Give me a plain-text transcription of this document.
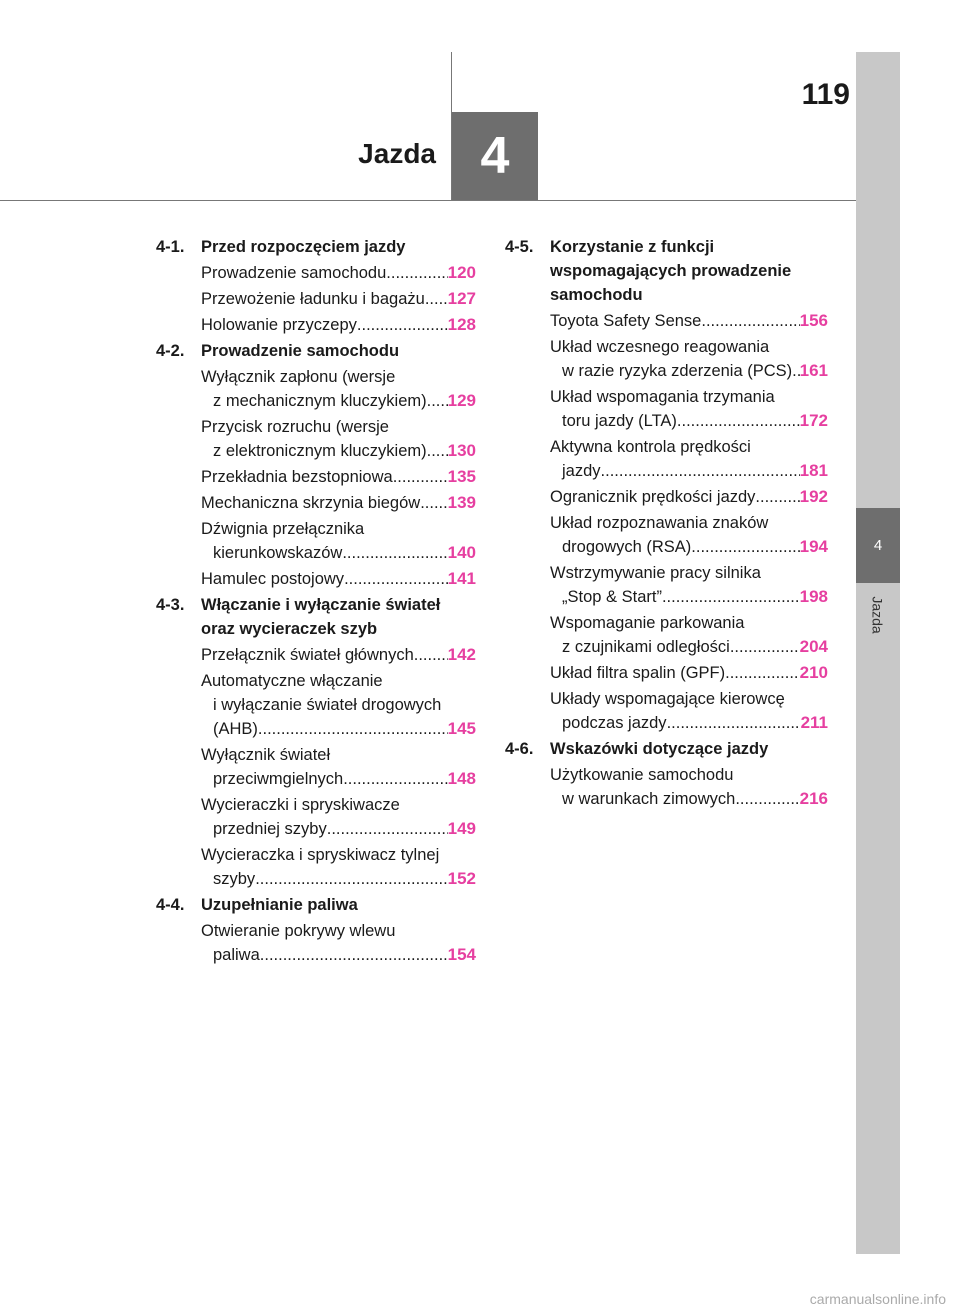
119
Jazda 4
4
Jazda
4-1.	Przed rozpoczęciem jazdy
Prowadzenie samochodu .....	120
Przewożenie ładunku i bagażu ..... 127
Holowanie przyczepy .....	128
4-2.	Prowadzenie samochodu
Wyłącznik zapłonu (wersje
z mechanicznym kluczykiem) ..... 129
Przycisk rozruchu (wersje
z elektronicznym kluczykiem) ..... 130
Przekładnia bezstopniowa .....	135
Mechaniczna skrzynia biegów ..... 139
Dźwignia przełącznika
kierunkowskazów .....	140
Hamulec postojowy .....	141
4-3.	Włączanie i wyłączanie świateł oraz wycieraczek szyb
Przełącznik świateł głównych ..... 142
Automatyczne włączanie
i wyłączanie świateł drogowych
(AHB) .....	145
Wyłącznik świateł
przeciwmgielnych .....	148
Wycieraczki i spryskiwacze
przedniej szyby .....	149
Wycieraczka i spryskiwacz tylnej
szyby .....	152
4-4.	Uzupełnianie paliwa
Otwieranie pokrywy wlewu
paliwa .....	154
4-5.	Korzystanie z funkcji wspomagających prowadzenie samochodu
Toyota Safety Sense .....	156
Układ wczesnego reagowania
w razie ryzyka zderzenia (PCS) ..... 161
Układ wspomagania trzymania
toru jazdy (LTA) .....	172
Aktywna kontrola prędkości
jazdy .....	181
Ogranicznik prędkości jazdy .....	192
Układ rozpoznawania znaków
drogowych (RSA) .....	194
Wstrzymywanie pracy silnika
„Stop & Start” .....	198
Wspomaganie parkowania
z czujnikami odległości .....	204
Układ filtra spalin (GPF) .....	210
Układy wspomagające kierowcę
podczas jazdy .....	211
4-6.	Wskazówki dotyczące jazdy
Użytkowanie samochodu
w warunkach zimowych .....	216
carmanualsonline.info
